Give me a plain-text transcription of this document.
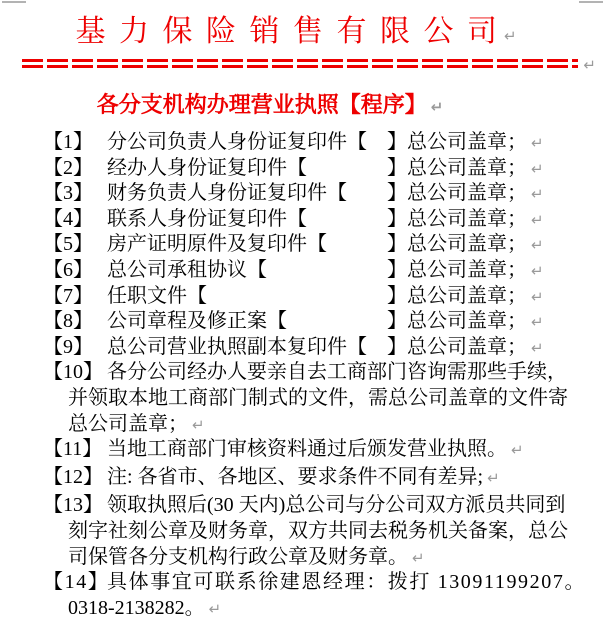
基 力 保 险 销 售 有 限 公 司 ↵
↵
各分支机构办理营业执照【程序】 ↵
【1】 分公司负责人身份证复印件【　】总公司盖章； ↵
【2】 经办人身份证复印件【　　　　】总公司盖章； ↵
【3】 财务负责人身份证复印件【　　】总公司盖章； ↵
【4】 联系人身份证复印件【　　　　】总公司盖章； ↵
【5】 房产证明原件及复印件【　　　】总公司盖章； ↵
【6】 总公司承租协议【　　　　　　】总公司盖章； ↵
【7】 任职文件【　　　　　　　　　】总公司盖章； ↵
【8】 公司章程及修正案【　　　　　】总公司盖章； ↵
【9】 总公司营业执照副本复印件【　】总公司盖章； ↵
【10】 各分公司经办人要亲自去工商部门咨询需那些手续，
并领取本地工商部门制式的文件，需总公司盖章的文件寄
总公司盖章； ↵
【11】 当地工商部门审核资料通过后颁发营业执照。 ↵
【12】 注: 各省市、各地区、要求条件不同有差异; ↵
【13】 领取执照后(30 天内)总公司与分公司双方派员共同到
刻字社刻公章及财务章，双方共同去税务机关备案，总公
司保管各分支机构行政公章及财务章。 ↵
【14】
具体事宜可联系徐建恩经理：拨打 13091199207。
0318-2138282。 ↵
